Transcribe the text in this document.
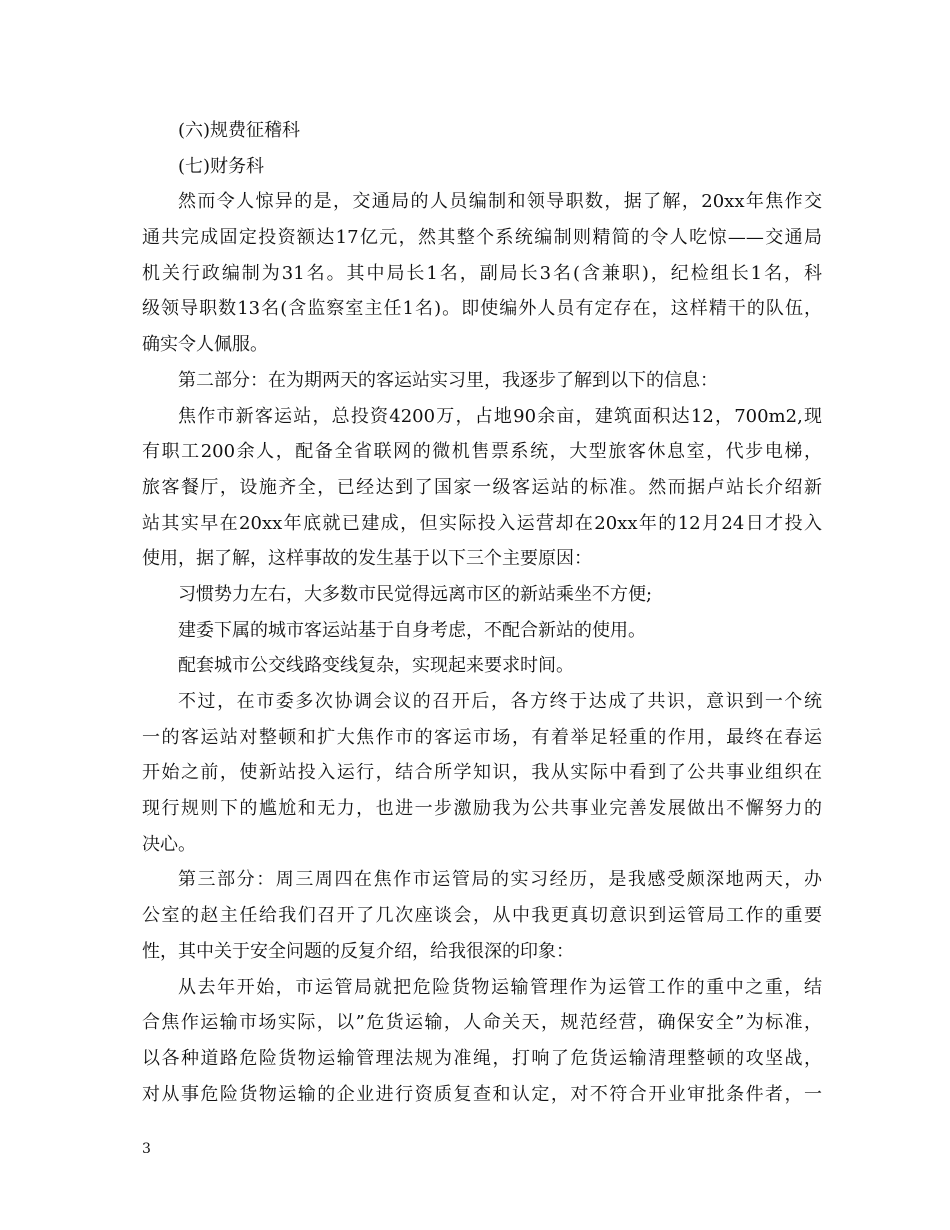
(六)规费征稽科
(七)财务科
然而令人惊异的是，交通局的人员编制和领导职数，据了解，20xx年焦作交
通共完成固定投资额达17亿元，然其整个系统编制则精简的令人吃惊——交通局
机关行政编制为31名。其中局长1名，副局长3名(含兼职)，纪检组长1名，科
级领导职数13名(含监察室主任1名)。即使编外人员有定存在，这样精干的队伍，
确实令人佩服。
第二部分：在为期两天的客运站实习里，我逐步了解到以下的信息：
焦作市新客运站，总投资4200万，占地90余亩，建筑面积达12，700m2,现
有职工200余人，配备全省联网的微机售票系统，大型旅客休息室，代步电梯，
旅客餐厅，设施齐全，已经达到了国家一级客运站的标准。然而据卢站长介绍新
站其实早在20xx年底就已建成，但实际投入运营却在20xx年的12月24日才投入
使用，据了解，这样事故的发生基于以下三个主要原因：
习惯势力左右，大多数市民觉得远离市区的新站乘坐不方便;
建委下属的城市客运站基于自身考虑，不配合新站的使用。
配套城市公交线路变线复杂，实现起来要求时间。
不过，在市委多次协调会议的召开后，各方终于达成了共识，意识到一个统
一的客运站对整顿和扩大焦作市的客运市场，有着举足轻重的作用，最终在春运
开始之前，使新站投入运行，结合所学知识，我从实际中看到了公共事业组织在
现行规则下的尴尬和无力，也进一步激励我为公共事业完善发展做出不懈努力的
决心。
第三部分：周三周四在焦作市运管局的实习经历，是我感受颇深地两天，办
公室的赵主任给我们召开了几次座谈会，从中我更真切意识到运管局工作的重要
性，其中关于安全问题的反复介绍，给我很深的印象：
从去年开始，市运管局就把危险货物运输管理作为运管工作的重中之重，结
合焦作运输市场实际，以”危货运输，人命关天，规范经营，确保安全”为标准，
以各种道路危险货物运输管理法规为准绳，打响了危货运输清理整顿的攻坚战，
对从事危险货物运输的企业进行资质复查和认定，对不符合开业审批条件者，一
3
